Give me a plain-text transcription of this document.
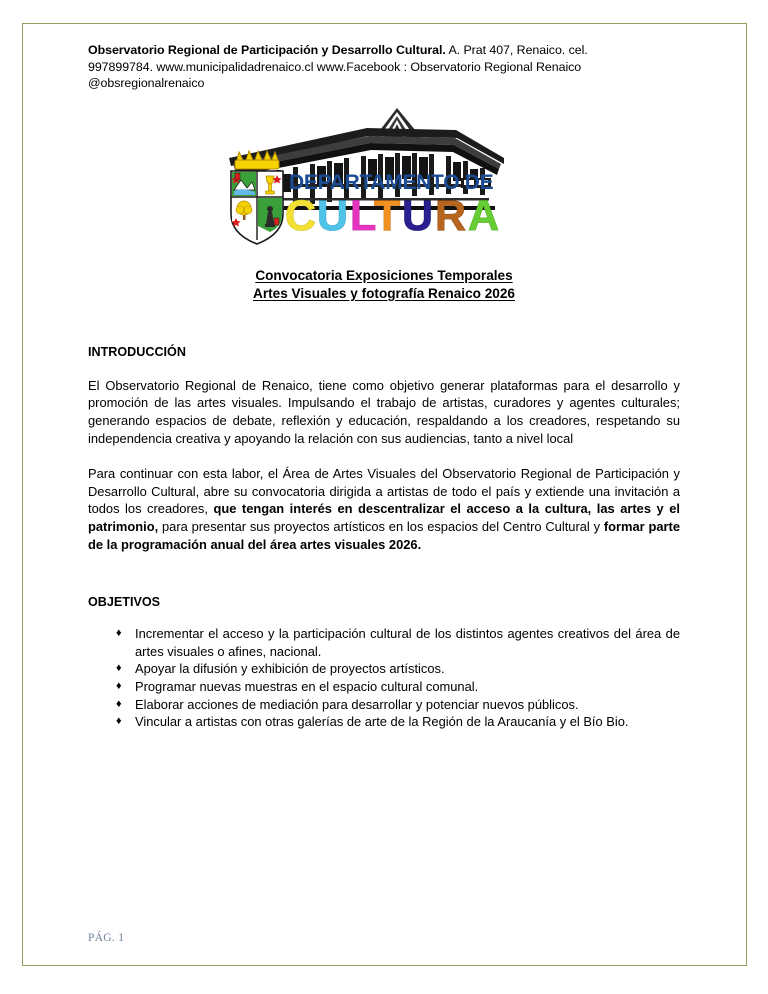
Observatorio Regional de Participación y Desarrollo Cultural. A. Prat 407, Renaico. cel.
997899784. www.municipalidadrenaico.cl www.Facebook : Observatorio Regional Renaico
@obsregionalrenaico
DEPARTAMENTO DE
C U L
T U R A
Convocatoria Exposiciones Temporales
Artes Visuales y fotografía Renaico 2026
INTRODUCCIÓN

El Observatorio Regional de Renaico, tiene como objetivo generar plataformas para el desarrollo y promoción de las artes visuales. Impulsando el trabajo de artistas, curadores y agentes culturales; generando espacios de debate, reflexión y educación, respaldando a los creadores, respetando su independencia creativa y apoyando la relación con sus audiencias, tanto a nivel local

Para continuar con esta labor, el Área de Artes Visuales del Observatorio Regional de Participación y Desarrollo Cultural, abre su convocatoria dirigida a artistas de todo el país y extiende una invitación a todos los creadores, que tengan interés en descentralizar el acceso a la cultura, las artes y el patrimonio, para presentar sus proyectos artísticos en los espacios del Centro Cultural y formar parte de la programación anual del área artes visuales 2026.

OBJETIVOS
♦ Incrementar el acceso y la participación cultural de los distintos agentes creativos del área de artes visuales o afines, nacional.
♦ Apoyar la difusión y exhibición de proyectos artísticos.
♦ Programar nuevas muestras en el espacio cultural comunal.
♦ Elaborar acciones de mediación para desarrollar y potenciar nuevos públicos.
♦ Vincular a artistas con otras galerías de arte de la Región de la Araucanía y el Bío Bio.
PÁG. 1
